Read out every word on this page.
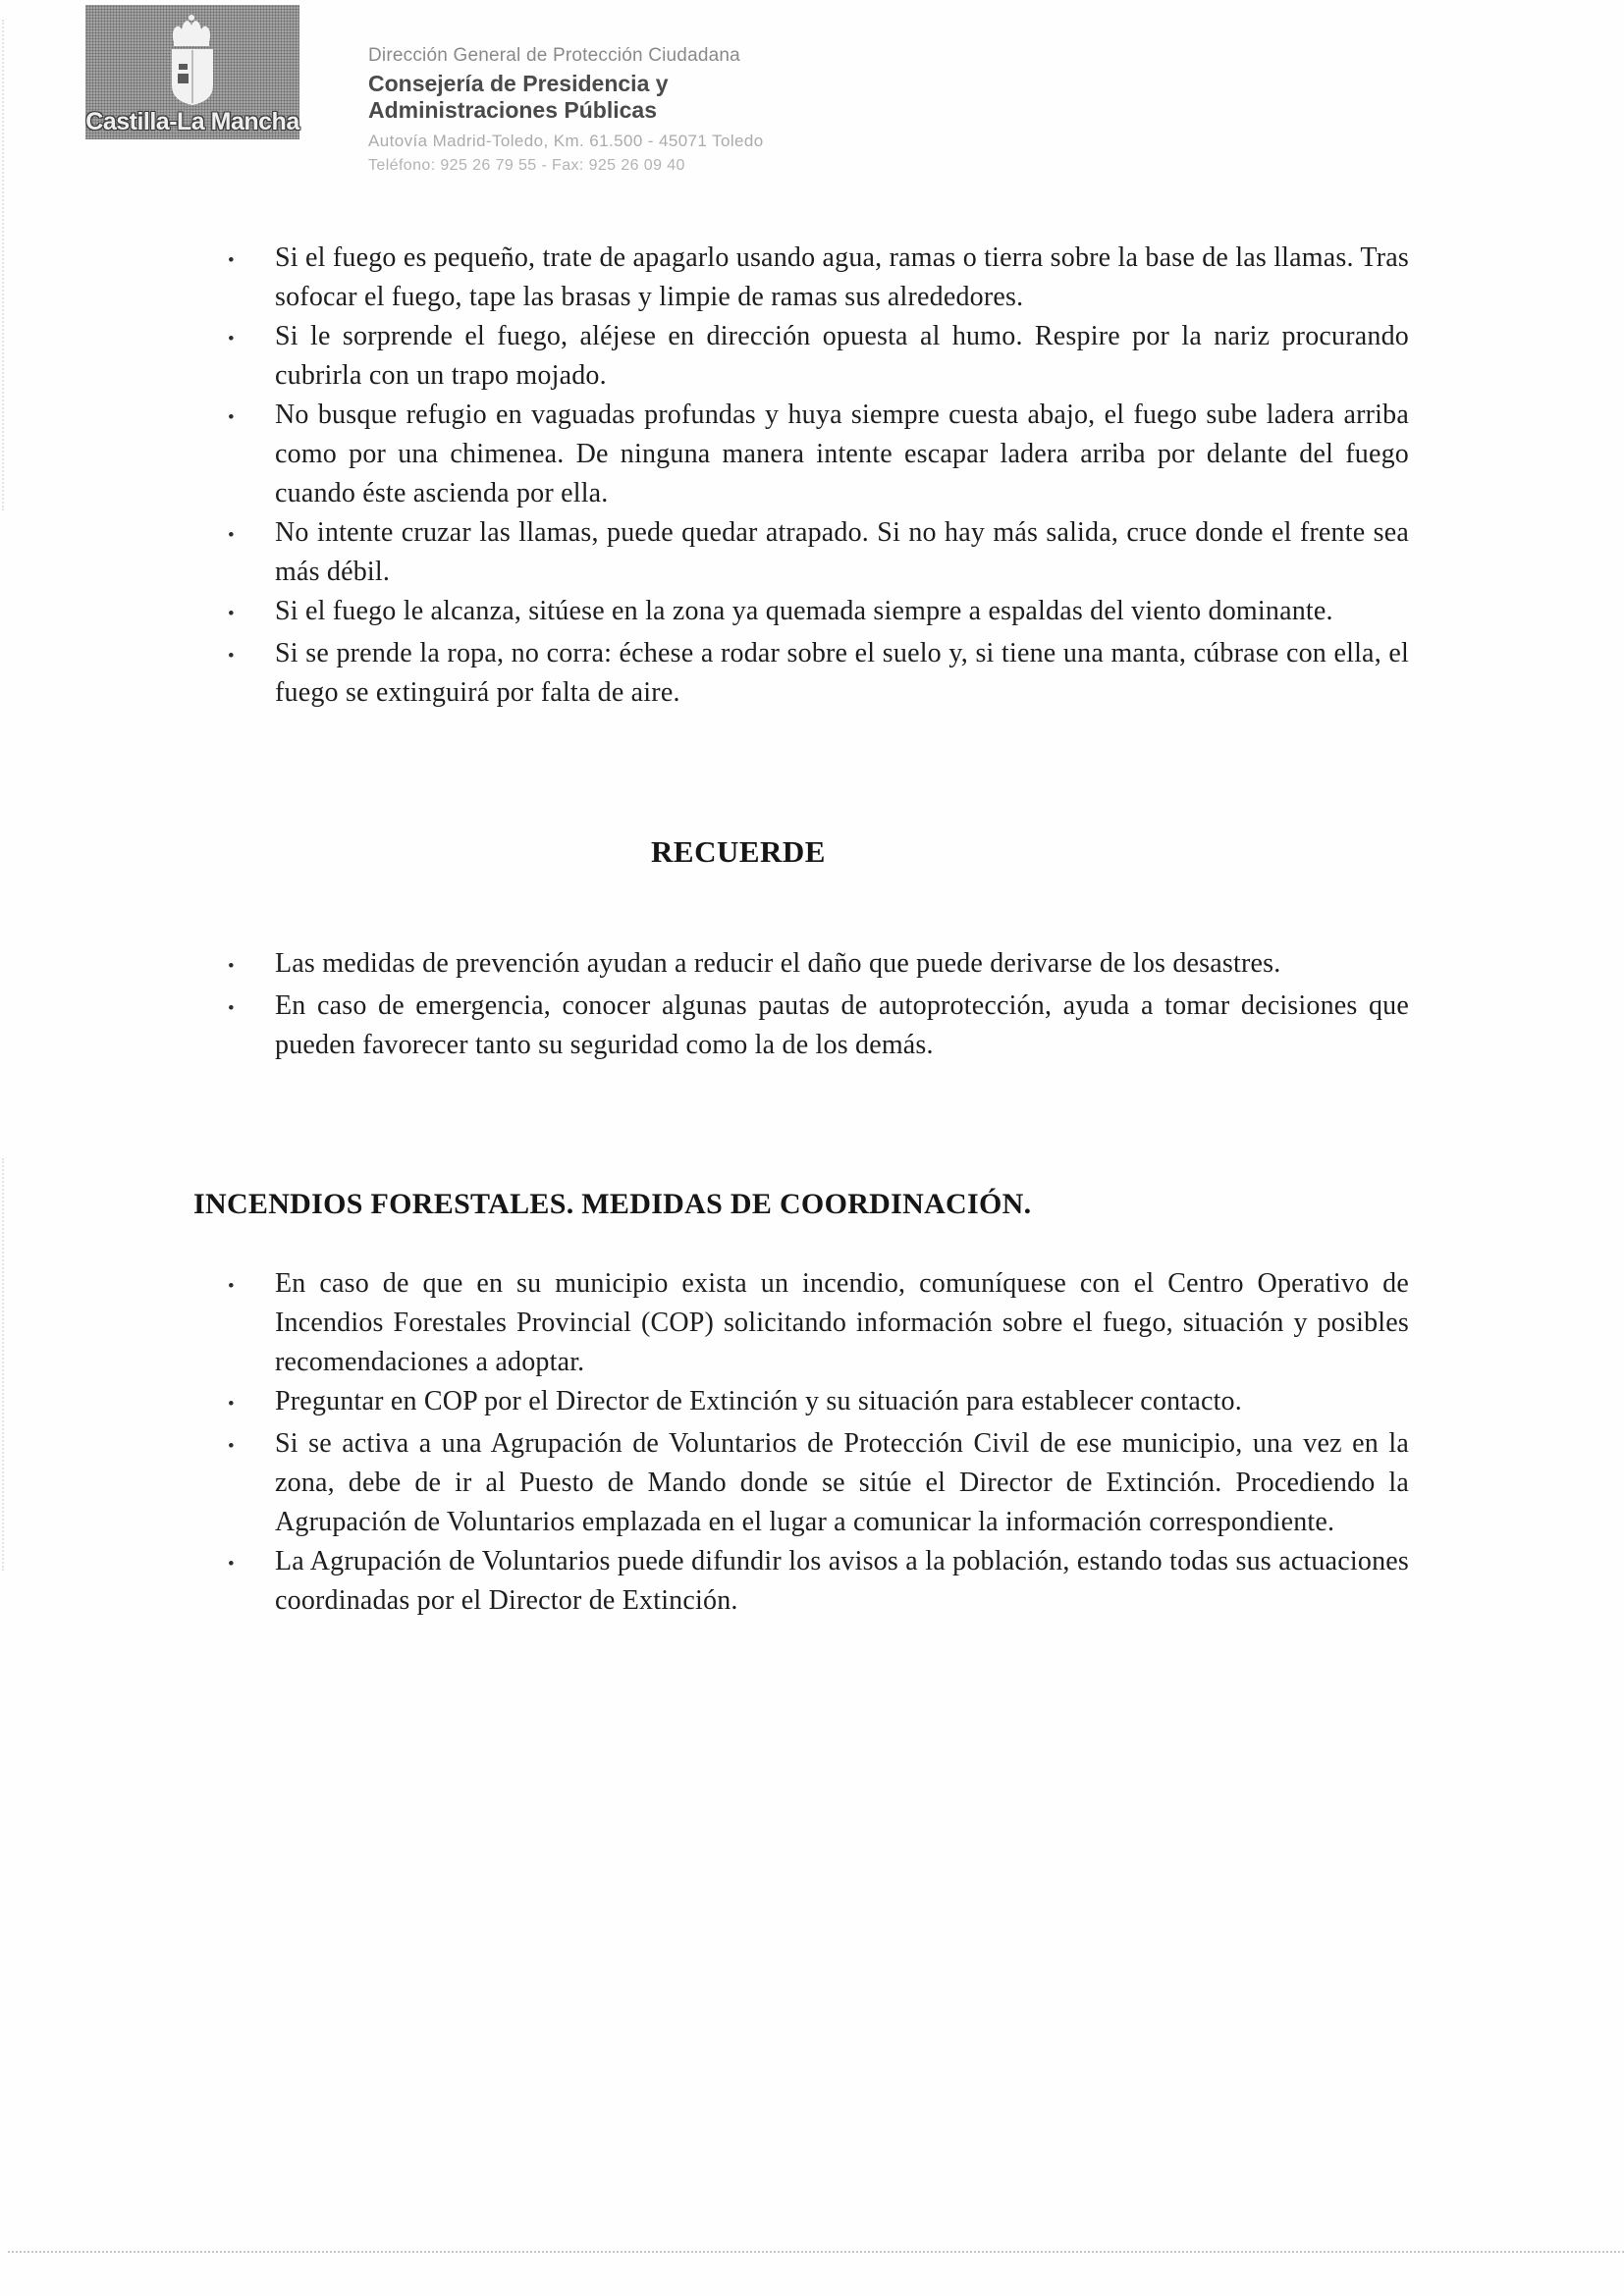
Castilla-La Mancha
Dirección General de Protección Ciudadana
Consejería de Presidencia y
Administraciones Públicas
Autovía Madrid-Toledo, Km. 61.500 - 45071 Toledo
Teléfono: 925 26 79 55 - Fax: 925 26 09 40
•	Si el fuego es pequeño, trate de apagarlo usando agua, ramas o tierra sobre la base de las llamas. Tras sofocar el fuego, tape las brasas y limpie de ramas sus alrededores.
•	Si le sorprende el fuego, aléjese en dirección opuesta al humo. Respire por la nariz procurando cubrirla con un trapo mojado.
•	No busque refugio en vaguadas profundas y huya siempre cuesta abajo, el fuego sube ladera arriba como por una chimenea. De ninguna manera intente escapar ladera arriba por delante del fuego cuando éste ascienda por ella.
•	No intente cruzar las llamas, puede quedar atrapado. Si no hay más salida, cruce donde el frente sea más débil.
•	Si el fuego le alcanza, sitúese en la zona ya quemada siempre a espaldas del viento dominante.
•	Si se prende la ropa, no corra: échese a rodar sobre el suelo y, si tiene una manta, cúbrase con ella, el fuego se extinguirá por falta de aire.
RECUERDE
•	Las medidas de prevención ayudan a reducir el daño que puede derivarse de los desastres.
•	En caso de emergencia, conocer algunas pautas de autoprotección, ayuda a tomar decisiones que pueden favorecer tanto su seguridad como la de los demás.
INCENDIOS FORESTALES. MEDIDAS DE COORDINACIÓN.
•	En caso de que en su municipio exista un incendio, comuníquese con el Centro Operativo de Incendios Forestales Provincial (COP) solicitando información sobre el fuego, situación y posibles recomendaciones a adoptar.
•	Preguntar en COP por el Director de Extinción y su situación para establecer contacto.
•	Si se activa a una Agrupación de Voluntarios de Protección Civil de ese municipio, una vez en la zona, debe de ir al Puesto de Mando donde se sitúe el Director de Extinción. Procediendo la Agrupación de Voluntarios emplazada en el lugar a comunicar la información correspondiente.
•	La Agrupación de Voluntarios puede difundir los avisos a la población, estando todas sus actuaciones coordinadas por el Director de Extinción.
